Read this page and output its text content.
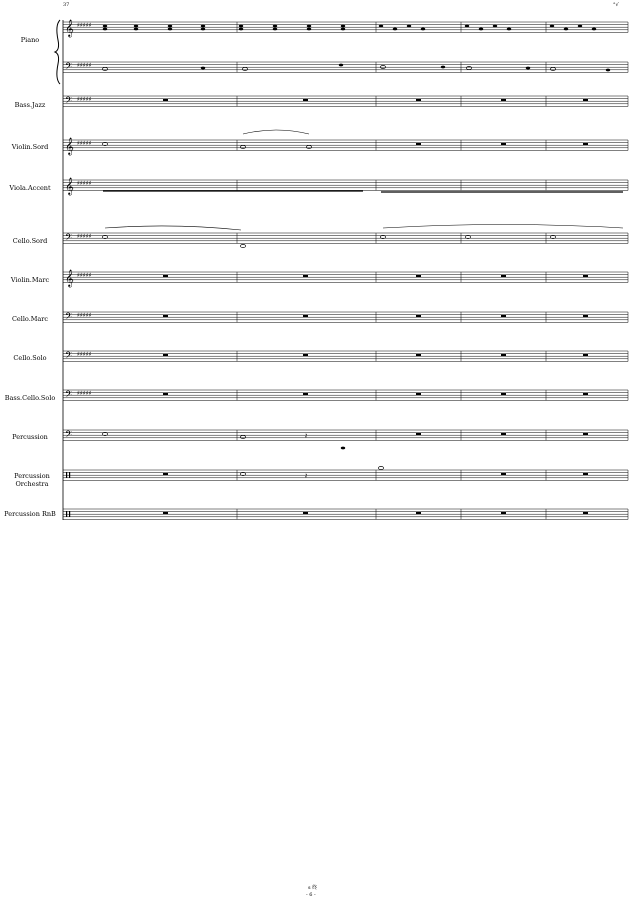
Piano
Bass.Jazz
Violin.Sord
Viola.Accent
Cello.Sord
Violin.Marc
Cello.Marc
Cello.Solo
Bass.Cello.Solo
Percussion
Percussion Orchestra
Percussion RnB
37	°√
𝄞 ♯♯♯♯♯
𝄢 ♯♯♯♯♯
𝄢 ♯♯♯♯♯
𝄞 ♯♯♯♯♯
𝄞 ♯♯♯♯♯
𝄢 ♯♯♯♯♯
𝄞 ♯♯♯♯♯
𝄢 ♯♯♯♯♯
𝄢 ♯♯♯♯♯
𝄢 ♯♯♯♯♯
𝄢	𝄽
𝄽
s 终
- 6 -
